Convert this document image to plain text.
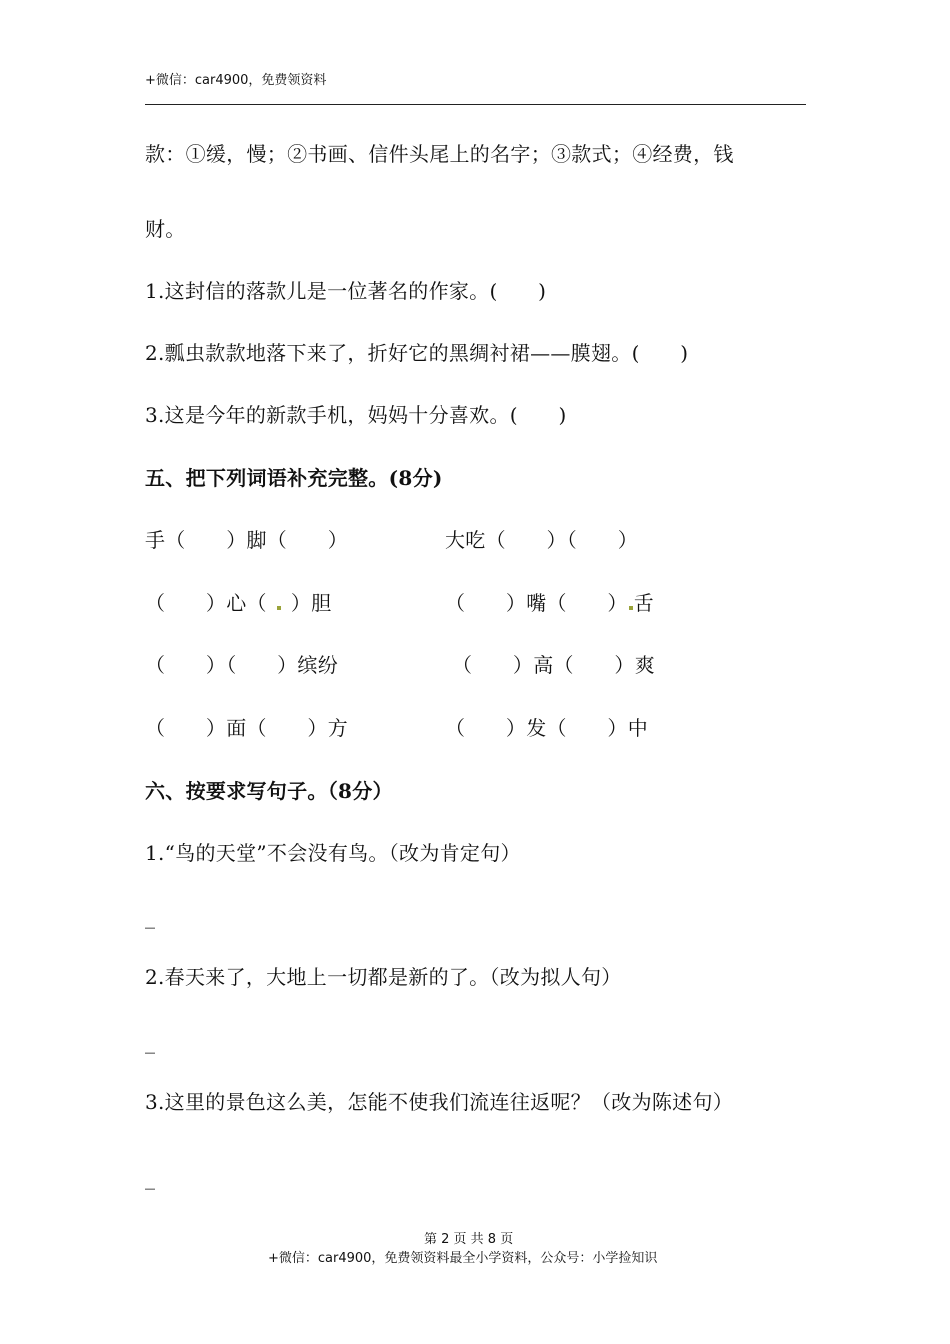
+微信：car4900，免费领资料
款：①缓，慢；②书画、信件头尾上的名字；③款式；④经费，钱
财。
1.这封信的落款儿是一位著名的作家。(　　)
2.瓢虫款款地落下来了，折好它的黑绸衬裙——膜翅。(　　)
3.这是今年的新款手机，妈妈十分喜欢。(　　)
五、把下列词语补充完整。(8分)
手（　　）脚（　　）	大吃（　　）（　　）
（　　）心（ ）胆	（　　）嘴（　　） 舌
（　　）（　　）缤纷	（　　）高（　　）爽
（　　）面（　　）方	（　　）发（　　）中
六、按要求写句子。（8分）
1.“鸟的天堂”不会没有鸟。（改为肯定句）
_
2.春天来了，大地上一切都是新的了。（改为拟人句）
_
3.这里的景色这么美，怎能不使我们流连往返呢？（改为陈述句）
_
第 2 页 共 8 页
+微信：car4900，免费领资料最全小学资料，公众号：小学捡知识
